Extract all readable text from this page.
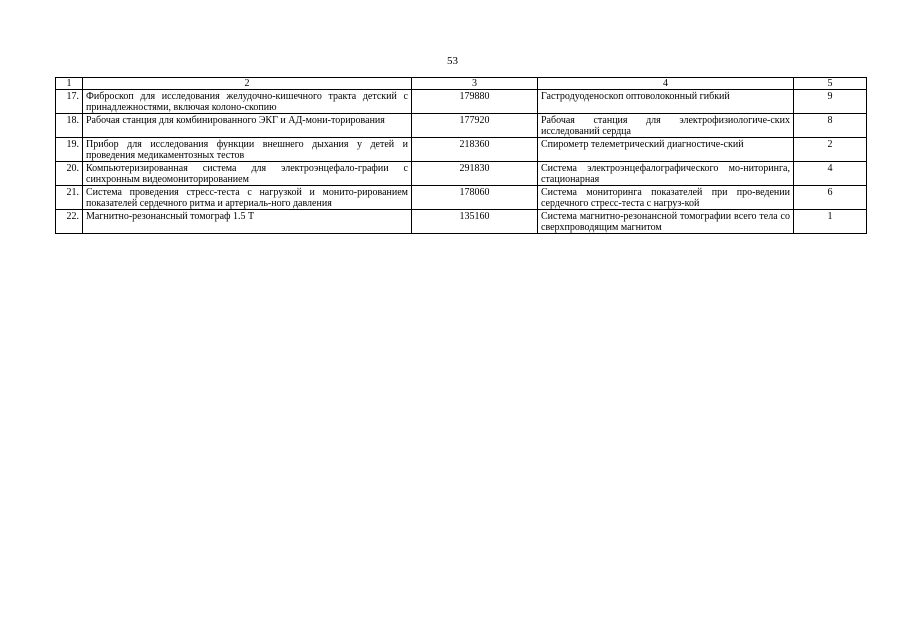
53
1	2	3	4	5
17.	Фиброскоп для исследования желудочно-кишечного тракта детский с принадлежностями, включая колоно-скопию	179880	Гастродуоденоскоп оптоволоконный гибкий	9
18.	Рабочая станция для комбинированного ЭКГ и АД-мони-торирования	177920	Рабочая станция для электрофизиологиче-ских исследований сердца	8
19.	Прибор для исследования функции внешнего дыхания у детей и проведения медикаментозных тестов	218360	Спирометр телеметрический диагностиче-ский	2
20.	Компьютеризированная система для электроэнцефало-графии с синхронным видеомониторированием	291830	Система электроэнцефалографического мо-ниторинга, стационарная	4
21.	Система проведения стресс-теста с нагрузкой и монито-рированием показателей сердечного ритма и артериаль-ного давления	178060	Система мониторинга показателей при про-ведении сердечного стресс-теста с нагруз-кой	6
22.	Магнитно-резонансный томограф 1.5 Т	135160	Система магнитно-резонансной томографии всего тела со сверхпроводящим магнитом	1
